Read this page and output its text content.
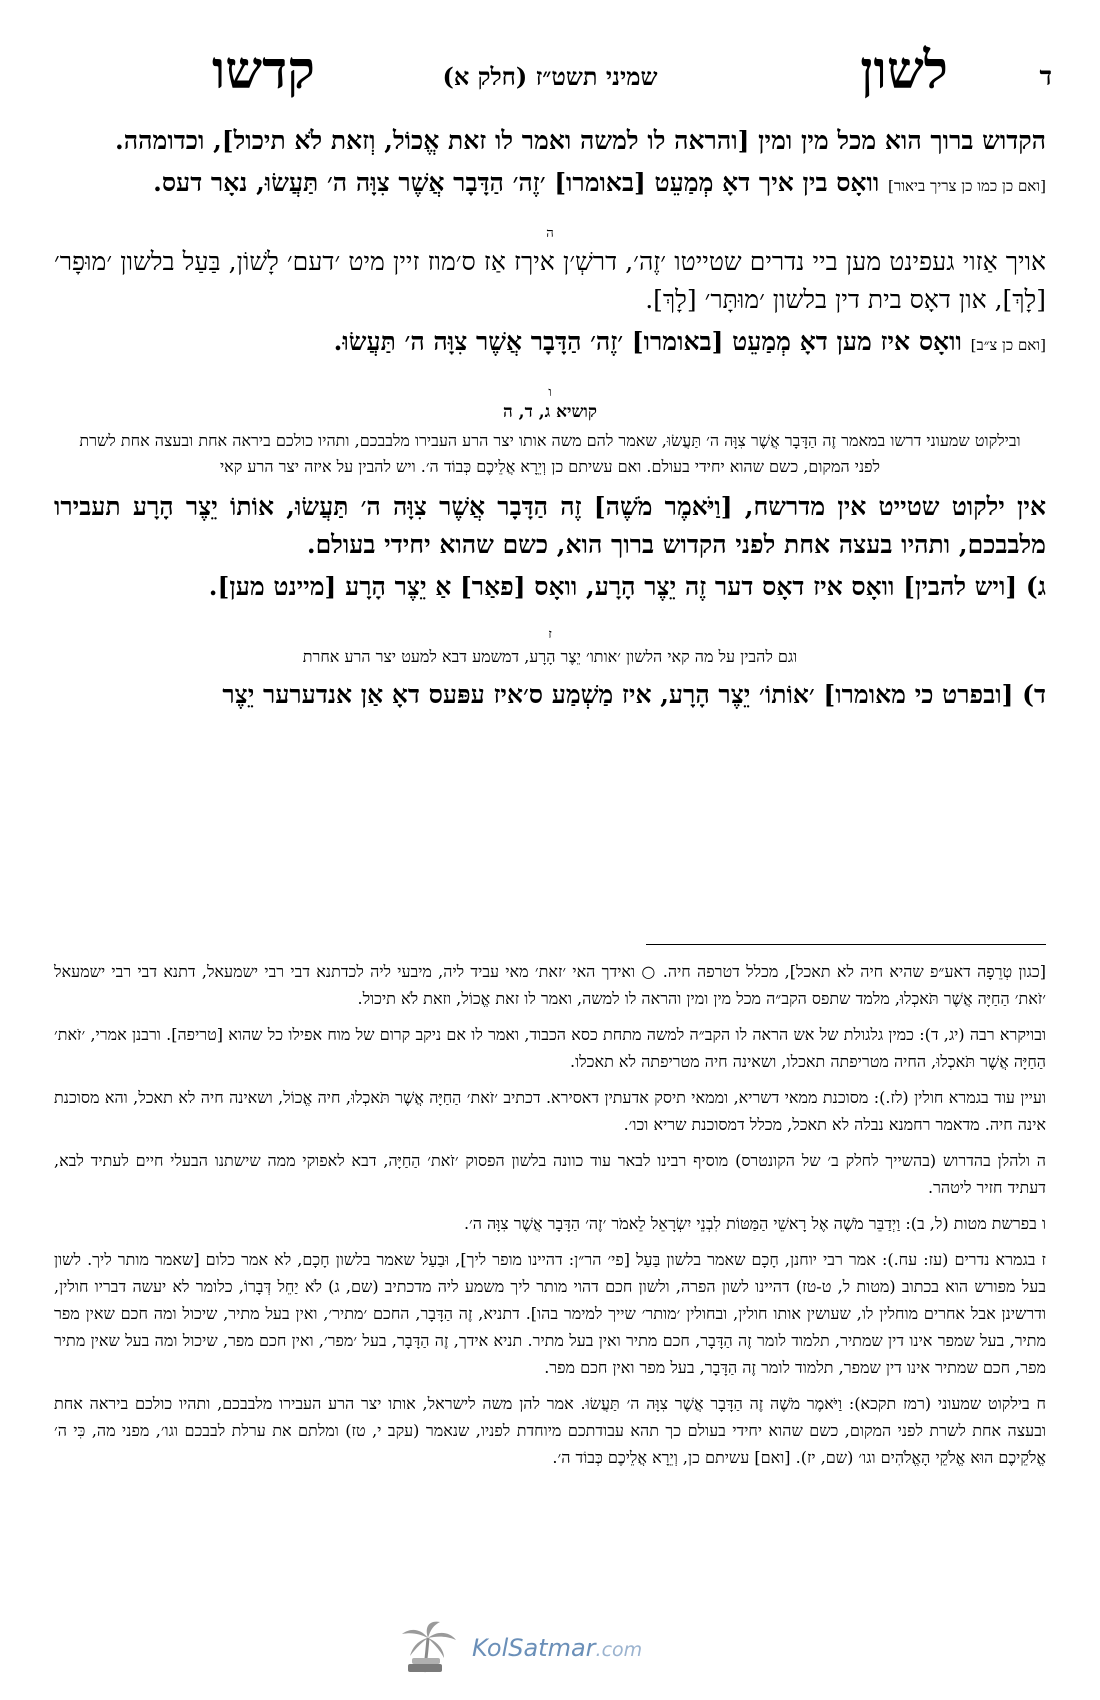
ד
לשון
שמיני תשט״ז (חלק א)
קדשו

הקדוש ברוך הוא מכל מין ומין [והראה לו למשה ואמר לו זאת אֱכוֹל, וְזאת לֹא תיכול], וכדומהה.

[ואם כן כמו כן צריך ביאור] וואָס בין איך דאָ מְמַעֵט [באומרו] ׳זֶה׳ הַדָּבָר אֲשֶׁר צִוָּה ה׳ תַּעֲשׂוּ, נאָר דעס.

ה

אויך אַזוי געפינט מען ביי נדרים שטייטו ׳זֶה׳, דרשְׁ׳ן איךז אַז ס׳מוז זיין מיט ׳דעם׳ לָשׁוֹן, בַּעַל בלשון ׳מוּפָר׳ [לָךְ], און דאָס בית דין בלשון ׳מוּתָּר׳ [לָךְ].

[ואם כן צ״ב] וואָס איז מען דאָ מְמַעֵט [באומרו] ׳זֶה׳ הַדָּבָר אֲשֶׁר צִוָּה ה׳ תַּעֲשׂוּ.

ו
קושיא ג, ד, ה
ובילקוט שמעוני דרשו במאמר זֶה הַדָּבָר אֲשֶׁר צִוָּה ה׳ תַּעֲשׂוּ, שאמר להם משה אותו יצר הרע העבירו מלבבכם, ותהיו כולכם ביראה אחת ובעצה אחת לשרת לפני המקום, כשם שהוא יחידי בעולם. ואם עשיתם כן וְיֵרָא אֲלֵיכֶם כְּבוֹד ה׳. ויש להבין על איזה יצר הרע קאי

אין ילקוט שטייט אין מדרשח, [וַיֹּאמֶר מֹשֶׁה] זֶה הַדָּבָר אֲשֶׁר צִוָּה ה׳ תַּעֲשׂוּ, אוֹתוֹ יֵצֶר הָרָע תעבירו מלבבכם, ותהיו בעצה אחת לפני הקדוש ברוך הוא, כשם שהוא יחידי בעולם.

ג) [ויש להבין] וואָס איז דאָס דער זֶה יֵצֶר הָרָע, וואָס [פאַר] אַ יֵצֶר הָרָע [מיינט מען].

ז
וגם להבין על מה קאי הלשון ׳אותו׳ יֵצֶר הָרָע, דמשמע דבא למעט יצר הרע אחרת

ד) [ובפרט כי מאומרו] ׳אוֹתוֹ׳ יֵצֶר הָרָע, איז מַשְׁמַע ס׳איז עפּעס דאָ אַן אנדערער יֵצֶר

[כגון טְרֵפָה דאע״פ שהיא חיה לא תאכל], מכלל דטרפה חיה. ○ ואידך האי ׳זאת׳ מאי עביד ליה, מיבעי ליה לכדתנא דבי רבי ישמעאל, דתנא דבי רבי ישמעאל ׳זֹאת׳ הַחַיָּה אֲשֶׁר תֹּאכְלוּ, מלמד שתפס הקב״ה מכל מין ומין והראה לו למשה, ואמר לו זאת אֱכוֹל, וזאת לֹא תיכול.

ובויקרא רבה (יג, ד): כמין גלגולת של אש הראה לו הקב״ה למשה מתחת כסא הכבוד, ואמר לו אם ניקב קרום של מוח אפילו כל שהוא [טריפה]. ורבנן אמרי, ׳זֹאת׳ הַחַיָּה אֲשֶׁר תֹּאכְלוּ, החיה מטריפתה תאכלו, ושאינה חיה מטריפתה לא תאכלו.

ועיין עוד בגמרא חולין (לז.): מסוכנת ממאי דשריא, וממאי תיסק אדעתין דאסירא. דכתיב ׳זֹאת׳ הַחַיָּה אֲשֶׁר תֹּאכְלוּ, חיה אֱכוֹל, ושאינה חיה לא תאכל, והא מסוכנת אינה חיה. מדאמר רחמנא נבלה לא תאכל, מכלל דמסוכנת שריא וכו׳.

ה ולהלן בהדרוש (בהשייך לחלק ב׳ של הקונטרס) מוסיף רבינו לבאר עוד כוונה בלשון הפסוק ׳זֹאת׳ הַחַיָּה, דבא לאפוקי ממה שישתנו הבעלי חיים לעתיד לבא, דעתיד חזיר ליטהר.

ו בפרשת מטות (ל, ב): וַיְדַבֵּר מֹשֶׁה אֶל רָאשֵׁי הַמַּטּוֹת לִבְנֵי יִשְׂרָאֵל לֵאמֹר ׳זֶה׳ הַדָּבָר אֲשֶׁר צִוָּה ה׳.

ז בגמרא נדרים (עז: עח.): אמר רבי יוחנן, חָכָם שאמר בלשון בַּעַל [פי׳ הר״ן: דהיינו מופר ליך], וּבַעַל שאמר בלשון חָכָם, לא אמר כלום [שאמר מותר ליך. לשון בעל מפורש הוא בכתוב (מטות ל, ט-טז) דהיינו לשון הפרה, ולשון חכם דהוי מותר ליך משמע ליה מדכתיב (שם, ג) לֹא יַחֵל דְּבָרוֹ, כלומר לא יעשה דבריו חולין, ודרשינן אבל אחרים מוחלין לו, שעושין אותו חולין, ובחולין ׳מותר׳ שייך למימר בהו]. דתניא, זֶה הַדָּבָר, החכם ׳מתיר׳, ואין בעל מתיר, שיכול ומה חכם שאין מפר מתיר, בעל שמפר אינו דין שמתיר, תלמוד לומר זֶה הַדָּבָר, חכם מתיר ואין בעל מתיר. תניא אידך, זֶה הַדָּבָר, בעל ׳מפר׳, ואין חכם מפר, שיכול ומה בעל שאין מתיר מפר, חכם שמתיר אינו דין שמפר, תלמוד לומר זֶה הַדָּבָר, בעל מפר ואין חכם מפר.

ח בילקוט שמעוני (רמז תקכא): וַיֹּאמֶר מֹשֶׁה זֶה הַדָּבָר אֲשֶׁר צִוָּה ה׳ תַּעֲשׂוּ. אמר להן משה לישראל, אותו יצר הרע העבירו מלבבכם, ותהיו כולכם ביראה אחת ובעצה אחת לשרת לפני המקום, כשם שהוא יחידי בעולם כך תהא עבודתכם מיוחדת לפניו, שנאמר (עקב י, טז) ומלתם את ערלת לבבכם וגו׳, מפני מה, כִּי ה׳ אֱלֹקֵיכֶם הוּא אֱלֹקֵי הָאֱלֹהִים וגו׳ (שם, יז). [ואם] עשיתם כן, וְיֵרָא אֲלֵיכֶם כְּבוֹד ה׳.

KolSatmar.com
